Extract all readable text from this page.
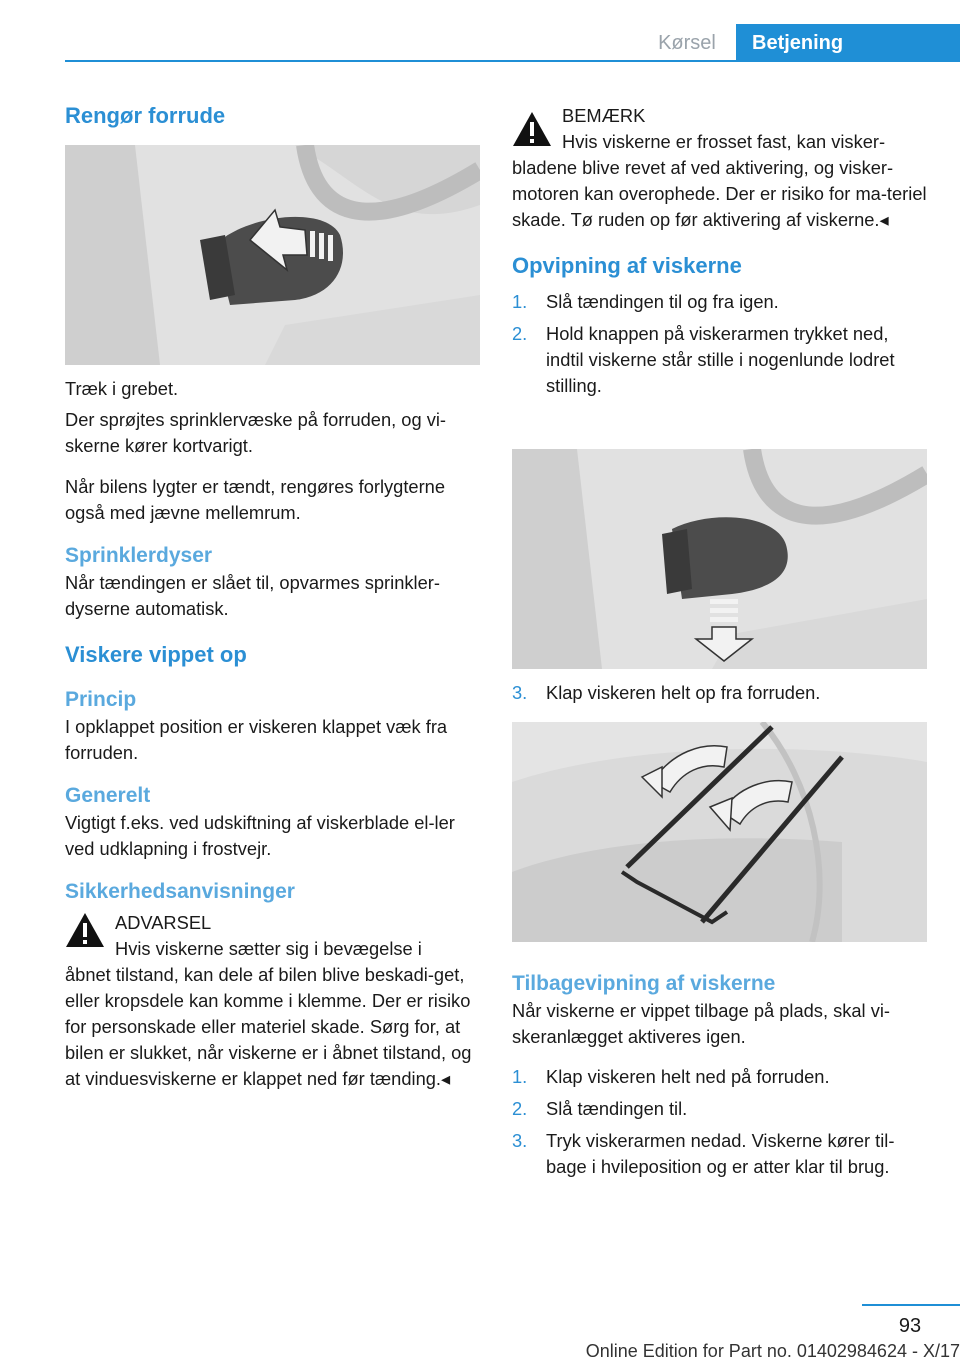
Kørsel	Betjening
Rengør forrude

Træk i grebet.

Der sprøjtes sprinklervæske på forruden, og vi-skerne kører kortvarigt.

Når bilens lygter er tændt, rengøres forlygterne også med jævne mellemrum.

Sprinklerdyser

Når tændingen er slået til, opvarmes sprinkler-dyserne automatisk.

Viskere vippet op
Princip

I opklappet position er viskeren klappet væk fra forruden.

Generelt

Vigtigt f.eks. ved udskiftning af viskerblade el-ler ved udklapning i frostvejr.

Sikkerhedsanvisninger

ADVARSEL

Hvis viskerne sætter sig i bevægelse i

åbnet tilstand, kan dele af bilen blive beskadi-get, eller kropsdele kan komme i klemme. Der er risiko for personskade eller materiel skade. Sørg for, at bilen er slukket, når viskerne er i åbnet tilstand, og at vinduesviskerne er klappet ned før tænding.◂

BEMÆRK

Hvis viskerne er frosset fast, kan visker-

bladene blive revet af ved aktivering, og visker-motoren kan overophede. Der er risiko for ma-teriel skade. Tø ruden op før aktivering af viskerne.◂

Opvipning af viskerne
1. Slå tændingen til og fra igen.
2. Hold knappen på viskerarmen trykket ned, indtil viskerne står stille i nogenlunde lodret stilling.
3. Klap viskeren helt op fra forruden.
Tilbagevipning af viskerne

Når viskerne er vippet tilbage på plads, skal vi-skeranlægget aktiveres igen.

1. Klap viskeren helt ned på forruden.
2. Slå tændingen til.
3. Tryk viskerarmen nedad. Viskerne kører til-bage i hvileposition og er atter klar til brug.
93
Online Edition for Part no. 01402984624 - X/17
